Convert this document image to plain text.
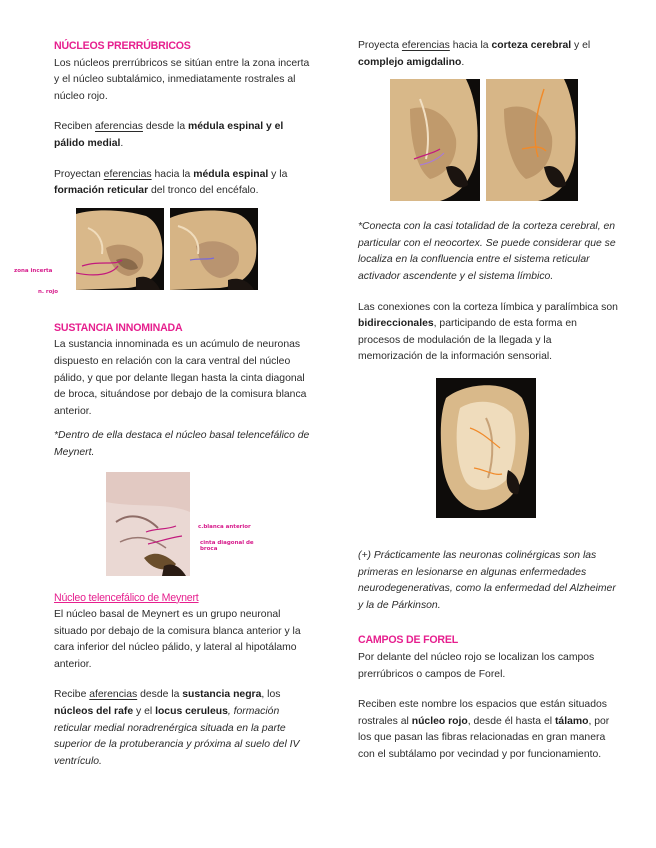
NÚCLEOS PRERRÚBRICOS

Los núcleos prerrúbricos se sitúan entre la zona incerta y el núcleo subtalámico, inmediatamente rostrales al núcleo rojo.

Reciben aferencias desde la médula espinal y el pálido medial.

Proyectan eferencias hacia la médula espinal y la formación reticular del tronco del encéfalo.

SUSTANCIA INNOMINADA

La sustancia innominada es un acúmulo de neuronas dispuesto en relación con la cara ventral del núcleo pálido, y que por delante llegan hasta la cinta diagonal de broca, situándose por debajo de la comisura blanca anterior.

*Dentro de ella destaca el núcleo basal telencefálico de Meynert.

Núcleo telencefálico de Meynert

El núcleo basal de Meynert es un grupo neuronal situado por debajo de la comisura blanca anterior y la cara inferior del núcleo pálido, y lateral al hipotálamo anterior.

Recibe aferencias desde la sustancia negra, los núcleos del rafe y el locus ceruleus, formación reticular medial noradrenérgica situada en la parte superior de la protuberancia y próxima al suelo del IV ventrículo.

zona incerta
n. rojo
c.blanca anterior
cinta diagonal de broca

Proyecta eferencias hacia la corteza cerebral y el complejo amigdalino.

*Conecta con la casi totalidad de la corteza cerebral, en particular con el neocortex. Se puede considerar que se localiza en la confluencia entre el sistema reticular activador ascendente y el sistema límbico.

Las conexiones con la corteza límbica y paralímbica son bidireccionales, participando de esta forma en procesos de modulación de la llegada y la memorización de la información sensorial.

(+) Prácticamente las neuronas colinérgicas son las primeras en lesionarse en algunas enfermedades neurodegenerativas, como la enfermedad del Alzheimer y la de Párkinson.

CAMPOS DE FOREL

Por delante del núcleo rojo se localizan los campos prerrúbricos o campos de Forel.

Reciben este nombre los espacios que están situados rostrales al núcleo rojo, desde él hasta el tálamo, por los que pasan las fibras relacionadas en gran manera con el subtálamo por vecindad y por funcionamiento.
